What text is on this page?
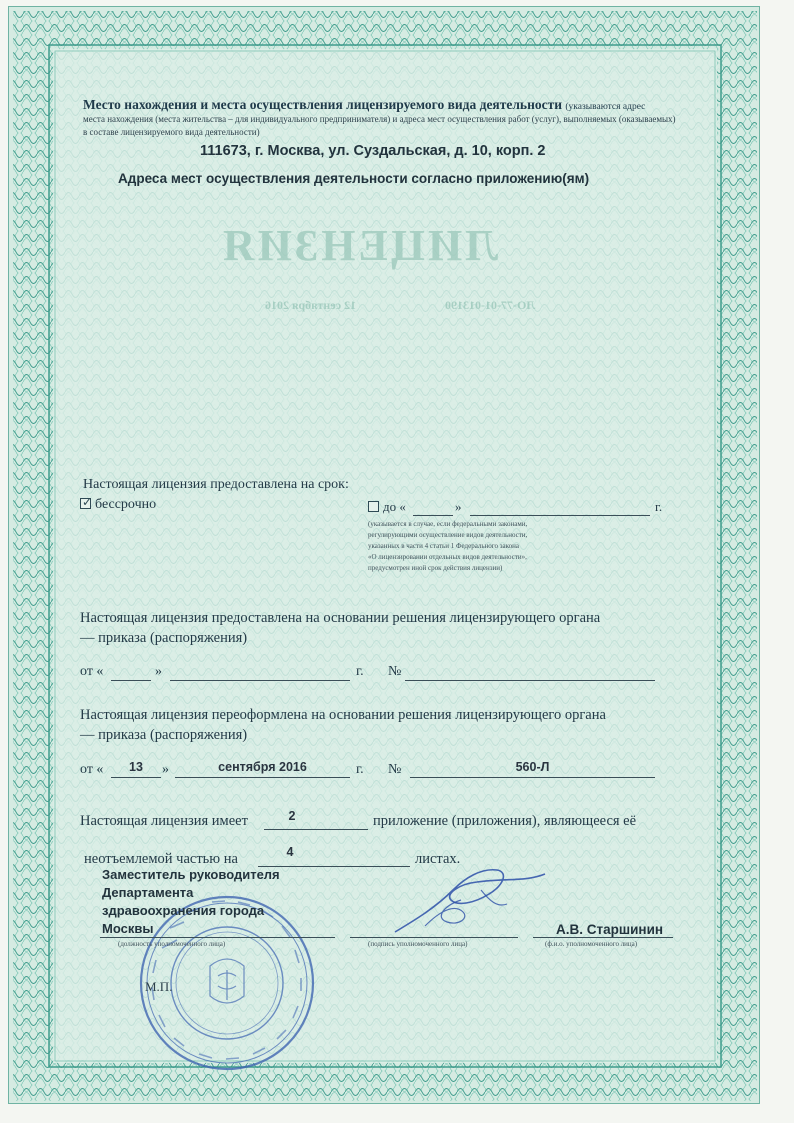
ЛИЦЕНЗИЯ
12 сентября 2016	ЛО-77-01-013190
Место нахождения и места осуществления лицензируемого вида деятельности (указываются адрес
места нахождения (места жительства – для индивидуального предпринимателя) и адреса мест осуществления работ (услуг), выполняемых (оказываемых)
в составе лицензируемого вида деятельности)
111673, г. Москва, ул. Суздальская, д. 10, корп. 2
Адреса мест осуществления деятельности согласно приложению(ям)
Настоящая лицензия предоставлена на срок:
✓ бессрочно	до «	»	г.
(указывается в случае, если федеральными законами,
регулирующими осуществление видов деятельности,
указанных в части 4 статьи 1 Федерального закона
«О лицензировании отдельных видов деятельности»,
предусмотрен иной срок действия лицензии)
Настоящая лицензия предоставлена на основании решения лицензирующего органа
— приказа (распоряжения)
от «	»	г. №
Настоящая лицензия переоформлена на основании решения лицензирующего органа
— приказа (распоряжения)
от «	13	»	сентября 2016	г. №	560-Л
Настоящая лицензия имеет	2	приложение (приложения), являющееся её
неотъемлемой частью на	4	листах.
Заместитель руководителя
Департамента
здравоохранения города
Москвы	А.В. Старшинин
(должность уполномоченного лица)	(подпись уполномоченного лица)	(ф.и.о. уполномоченного лица)
М.П.
